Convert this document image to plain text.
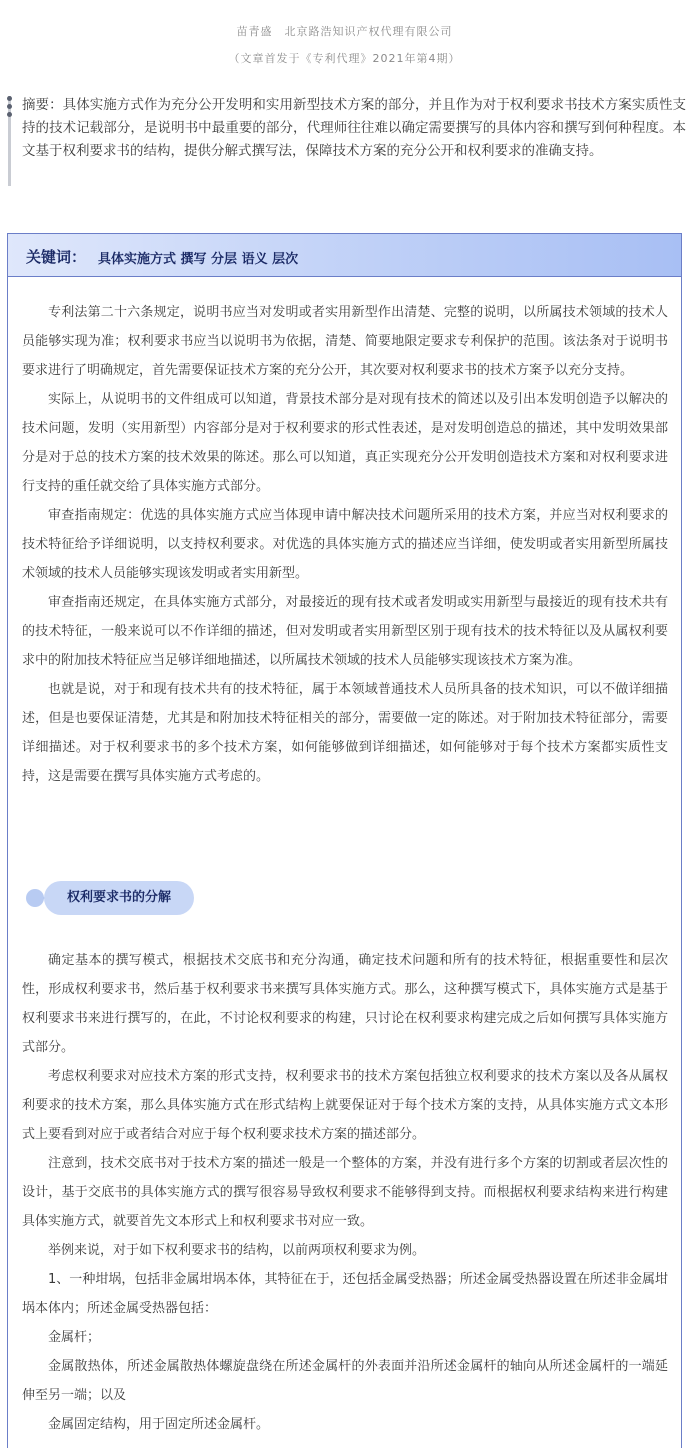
苗青盛　北京路浩知识产权代理有限公司
（文章首发于《专利代理》2021年第4期）
摘要：具体实施方式作为充分公开发明和实用新型技术方案的部分，并且作为对于权利要求书技术方案实质性支持的技术记载部分，是说明书中最重要的部分，代理师往往难以确定需要撰写的具体内容和撰写到何种程度。本文基于权利要求书的结构，提供分解式撰写法，保障技术方案的充分公开和权利要求的准确支持。
关键词： 具体实施方式 撰写 分层 语义 层次

专利法第二十六条规定，说明书应当对发明或者实用新型作出清楚、完整的说明，以所属技术领域的技术人员能够实现为准；权利要求书应当以说明书为依据，清楚、简要地限定要求专利保护的范围。该法条对于说明书要求进行了明确规定，首先需要保证技术方案的充分公开，其次要对权利要求书的技术方案予以充分支持。

实际上，从说明书的文件组成可以知道，背景技术部分是对现有技术的简述以及引出本发明创造予以解决的技术问题，发明（实用新型）内容部分是对于权利要求的形式性表述，是对发明创造总的描述，其中发明效果部分是对于总的技术方案的技术效果的陈述。那么可以知道，真正实现充分公开发明创造技术方案和对权利要求进行支持的重任就交给了具体实施方式部分。

审查指南规定：优选的具体实施方式应当体现申请中解决技术问题所采用的技术方案，并应当对权利要求的技术特征给予详细说明，以支持权利要求。对优选的具体实施方式的描述应当详细，使发明或者实用新型所属技术领域的技术人员能够实现该发明或者实用新型。

审查指南还规定，在具体实施方式部分，对最接近的现有技术或者发明或实用新型与最接近的现有技术共有的技术特征，一般来说可以不作详细的描述，但对发明或者实用新型区别于现有技术的技术特征以及从属权利要求中的附加技术特征应当足够详细地描述，以所属技术领域的技术人员能够实现该技术方案为准。

也就是说，对于和现有技术共有的技术特征，属于本领域普通技术人员所具备的技术知识，可以不做详细描述，但是也要保证清楚，尤其是和附加技术特征相关的部分，需要做一定的陈述。对于附加技术特征部分，需要详细描述。对于权利要求书的多个技术方案，如何能够做到详细描述，如何能够对于每个技术方案都实质性支持，这是需要在撰写具体实施方式考虑的。

权利要求书的分解

确定基本的撰写模式，根据技术交底书和充分沟通，确定技术问题和所有的技术特征，根据重要性和层次性，形成权利要求书，然后基于权利要求书来撰写具体实施方式。那么，这种撰写模式下，具体实施方式是基于权利要求书来进行撰写的，在此，不讨论权利要求的构建，只讨论在权利要求构建完成之后如何撰写具体实施方式部分。

考虑权利要求对应技术方案的形式支持，权利要求书的技术方案包括独立权利要求的技术方案以及各从属权利要求的技术方案，那么具体实施方式在形式结构上就要保证对于每个技术方案的支持，从具体实施方式文本形式上要看到对应于或者结合对应于每个权利要求技术方案的描述部分。

注意到，技术交底书对于技术方案的描述一般是一个整体的方案，并没有进行多个方案的切割或者层次性的设计，基于交底书的具体实施方式的撰写很容易导致权利要求不能够得到支持。而根据权利要求结构来进行构建具体实施方式，就要首先文本形式上和权利要求书对应一致。

举例来说，对于如下权利要求书的结构，以前两项权利要求为例。

1、一种坩埚，包括非金属坩埚本体，其特征在于，还包括金属受热器；所述金属受热器设置在所述非金属坩埚本体内；所述金属受热器包括：

金属杆；

金属散热体，所述金属散热体螺旋盘绕在所述金属杆的外表面并沿所述金属杆的轴向从所述金属杆的一端延伸至另一端；以及

金属固定结构，用于固定所述金属杆。
